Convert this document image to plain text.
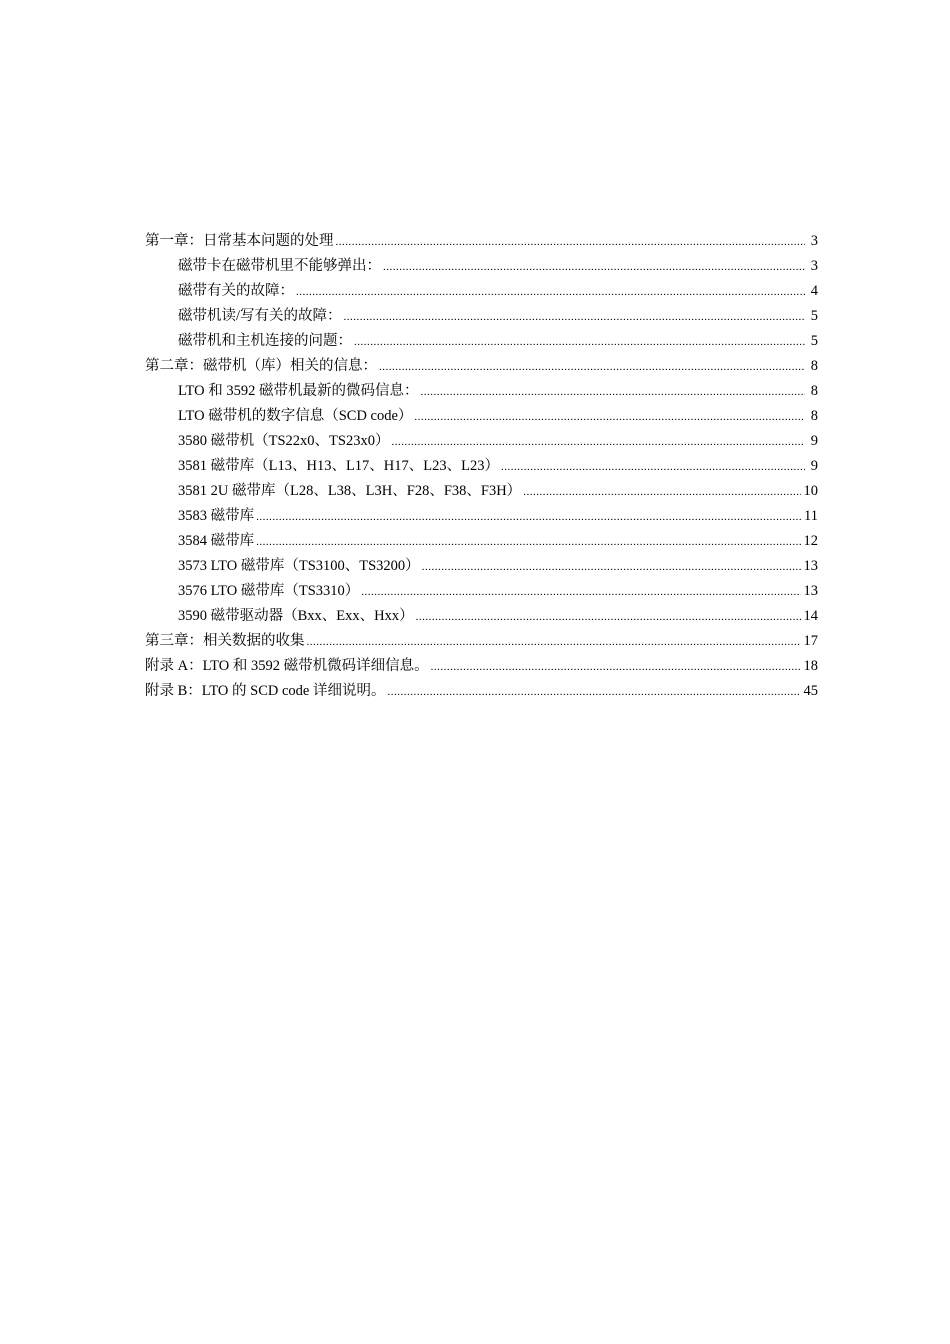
第一章：日常基本问题的处理 .....	3
磁带卡在磁带机里不能够弹出： .....	3
磁带有关的故障： .....	4
磁带机读/写有关的故障： .....	5
磁带机和主机连接的问题： .....	5
第二章：磁带机（库）相关的信息： .....	8
LTO 和 3592 磁带机最新的微码信息： .....	8
LTO 磁带机的数字信息（SCD code） .....	8
3580 磁带机（TS22x0、TS23x0） .....	9
3581 磁带库（L13、H13、L17、H17、L23、L23） .....	9
3581 2U 磁带库（L28、L38、L3H、F28、F38、F3H） .....	10
3583 磁带库 .....	11
3584 磁带库 .....	12
3573 LTO 磁带库（TS3100、TS3200） .....	13
3576 LTO 磁带库（TS3310） .....	13
3590 磁带驱动器（Bxx、Exx、Hxx） .....	14
第三章：相关数据的收集 .....	17
附录 A：LTO 和 3592 磁带机微码详细信息。 .....	18
附录 B：LTO 的 SCD code 详细说明。 .....	45
